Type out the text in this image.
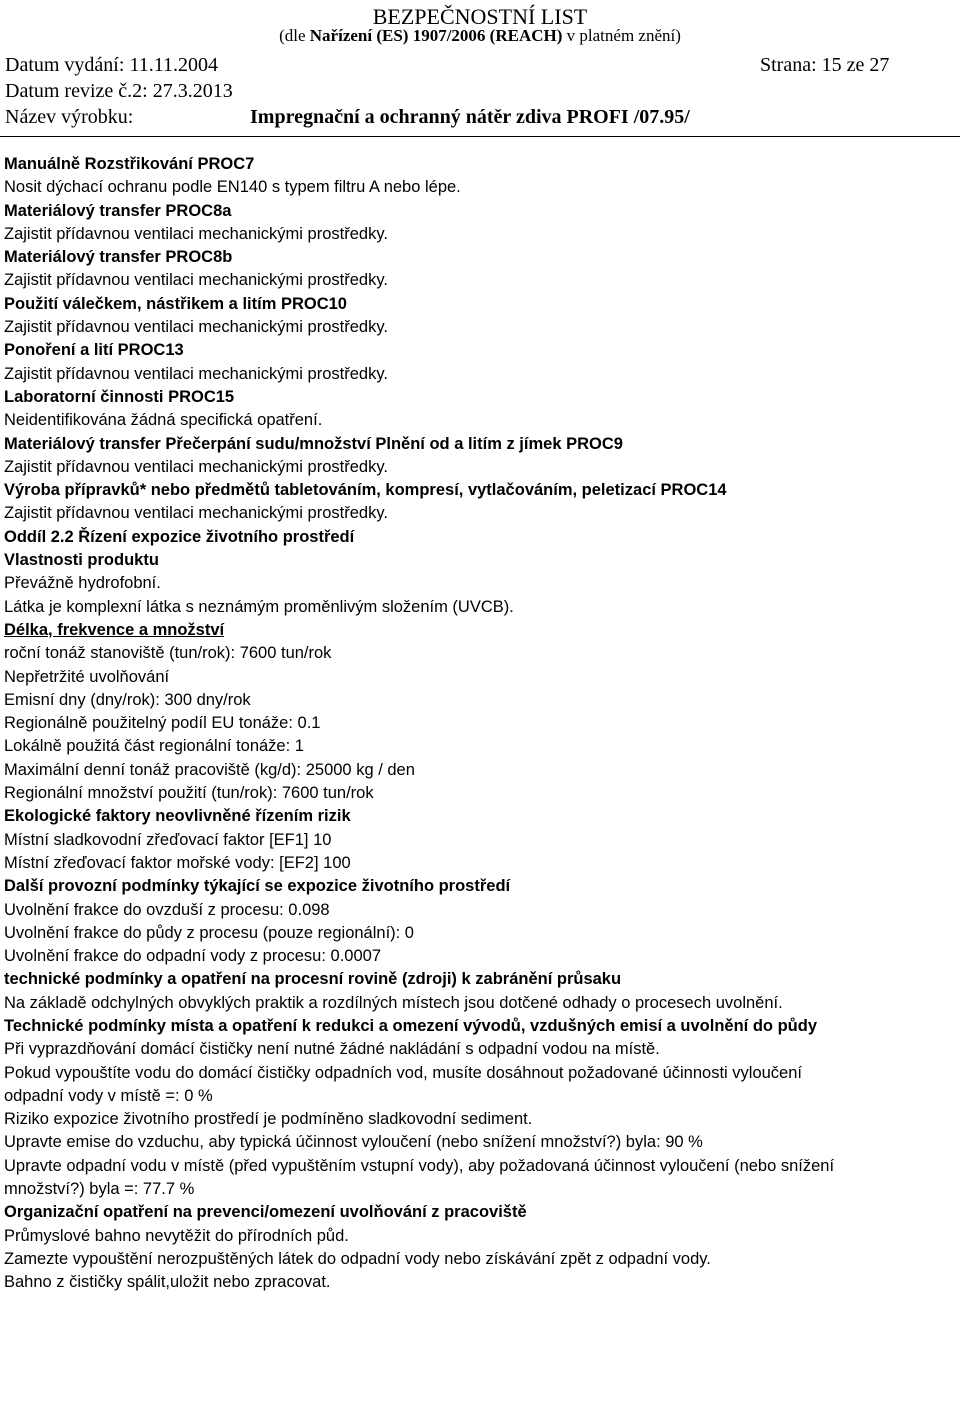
BEZPEČNOSTNÍ LIST
(dle Nařízení (ES) 1907/2006 (REACH) v platném znění)
Datum vydání: 11.11.2004	Strana: 15 ze 27
Datum revize č.2: 27.3.2013
Název výrobku:	Impregnační a ochranný nátěr zdiva PROFI /07.95/
Manuálně Rozstřikování PROC7
Nosit dýchací ochranu podle EN140 s typem filtru A nebo lépe.
Materiálový transfer PROC8a
Zajistit přídavnou ventilaci mechanickými prostředky.
Materiálový transfer PROC8b
Zajistit přídavnou ventilaci mechanickými prostředky.
Použití válečkem, nástřikem a litím PROC10
Zajistit přídavnou ventilaci mechanickými prostředky.
Ponoření a lití PROC13
Zajistit přídavnou ventilaci mechanickými prostředky.
Laboratorní činnosti PROC15
Neidentifikována žádná specifická opatření.
Materiálový transfer Přečerpání sudu/množství Plnění od a litím z jímek PROC9
Zajistit přídavnou ventilaci mechanickými prostředky.
Výroba přípravků* nebo předmětů tabletováním, kompresí, vytlačováním, peletizací PROC14
Zajistit přídavnou ventilaci mechanickými prostředky.
Oddíl 2.2 Řízení expozice životního prostředí
Vlastnosti produktu
Převážně hydrofobní.
Látka je komplexní látka s neznámým proměnlivým složením (UVCB).
Délka, frekvence a množství
roční tonáž stanoviště (tun/rok): 7600 tun/rok
Nepřetržité uvolňování
Emisní dny (dny/rok): 300 dny/rok
Regionálně použitelný podíl EU tonáže: 0.1
Lokálně použitá část regionální tonáže: 1
Maximální denní tonáž pracoviště (kg/d): 25000 kg / den
Regionální množství použití (tun/rok): 7600 tun/rok
Ekologické faktory neovlivněné řízením rizik
Místní sladkovodní zřeďovací faktor [EF1] 10
Místní zřeďovací faktor mořské vody: [EF2] 100
Další provozní podmínky týkající se expozice životního prostředí
Uvolnění frakce do ovzduší z procesu: 0.098
Uvolnění frakce do půdy z procesu (pouze regionální): 0
Uvolnění frakce do odpadní vody z procesu: 0.0007
technické podmínky a opatření na procesní rovině (zdroji) k zabránění průsaku
Na základě odchylných obvyklých praktik a rozdílných místech jsou dotčené odhady o procesech uvolnění.
Technické podmínky místa a opatření k redukci a omezení vývodů, vzdušných emisí a uvolnění do půdy
Při vyprazdňování domácí čističky není nutné žádné nakládání s odpadní vodou na místě.
Pokud vypouštíte vodu do domácí čističky odpadních vod, musíte dosáhnout požadované účinnosti vyloučení odpadní vody v místě =: 0 %
Riziko expozice životního prostředí je podmíněno sladkovodní sediment.
Upravte emise do vzduchu, aby typická účinnost vyloučení (nebo snížení množství?) byla: 90 %
Upravte odpadní vodu v místě (před vypuštěním vstupní vody), aby požadovaná účinnost vyloučení (nebo snížení množství?) byla =: 77.7 %
Organizační opatření na prevenci/omezení uvolňování z pracoviště
Průmyslové bahno nevytěžit do přírodních půd.
Zamezte vypouštění nerozpuštěných látek do odpadní vody nebo získávání zpět z odpadní vody.
Bahno z čističky spálit,uložit nebo zpracovat.
